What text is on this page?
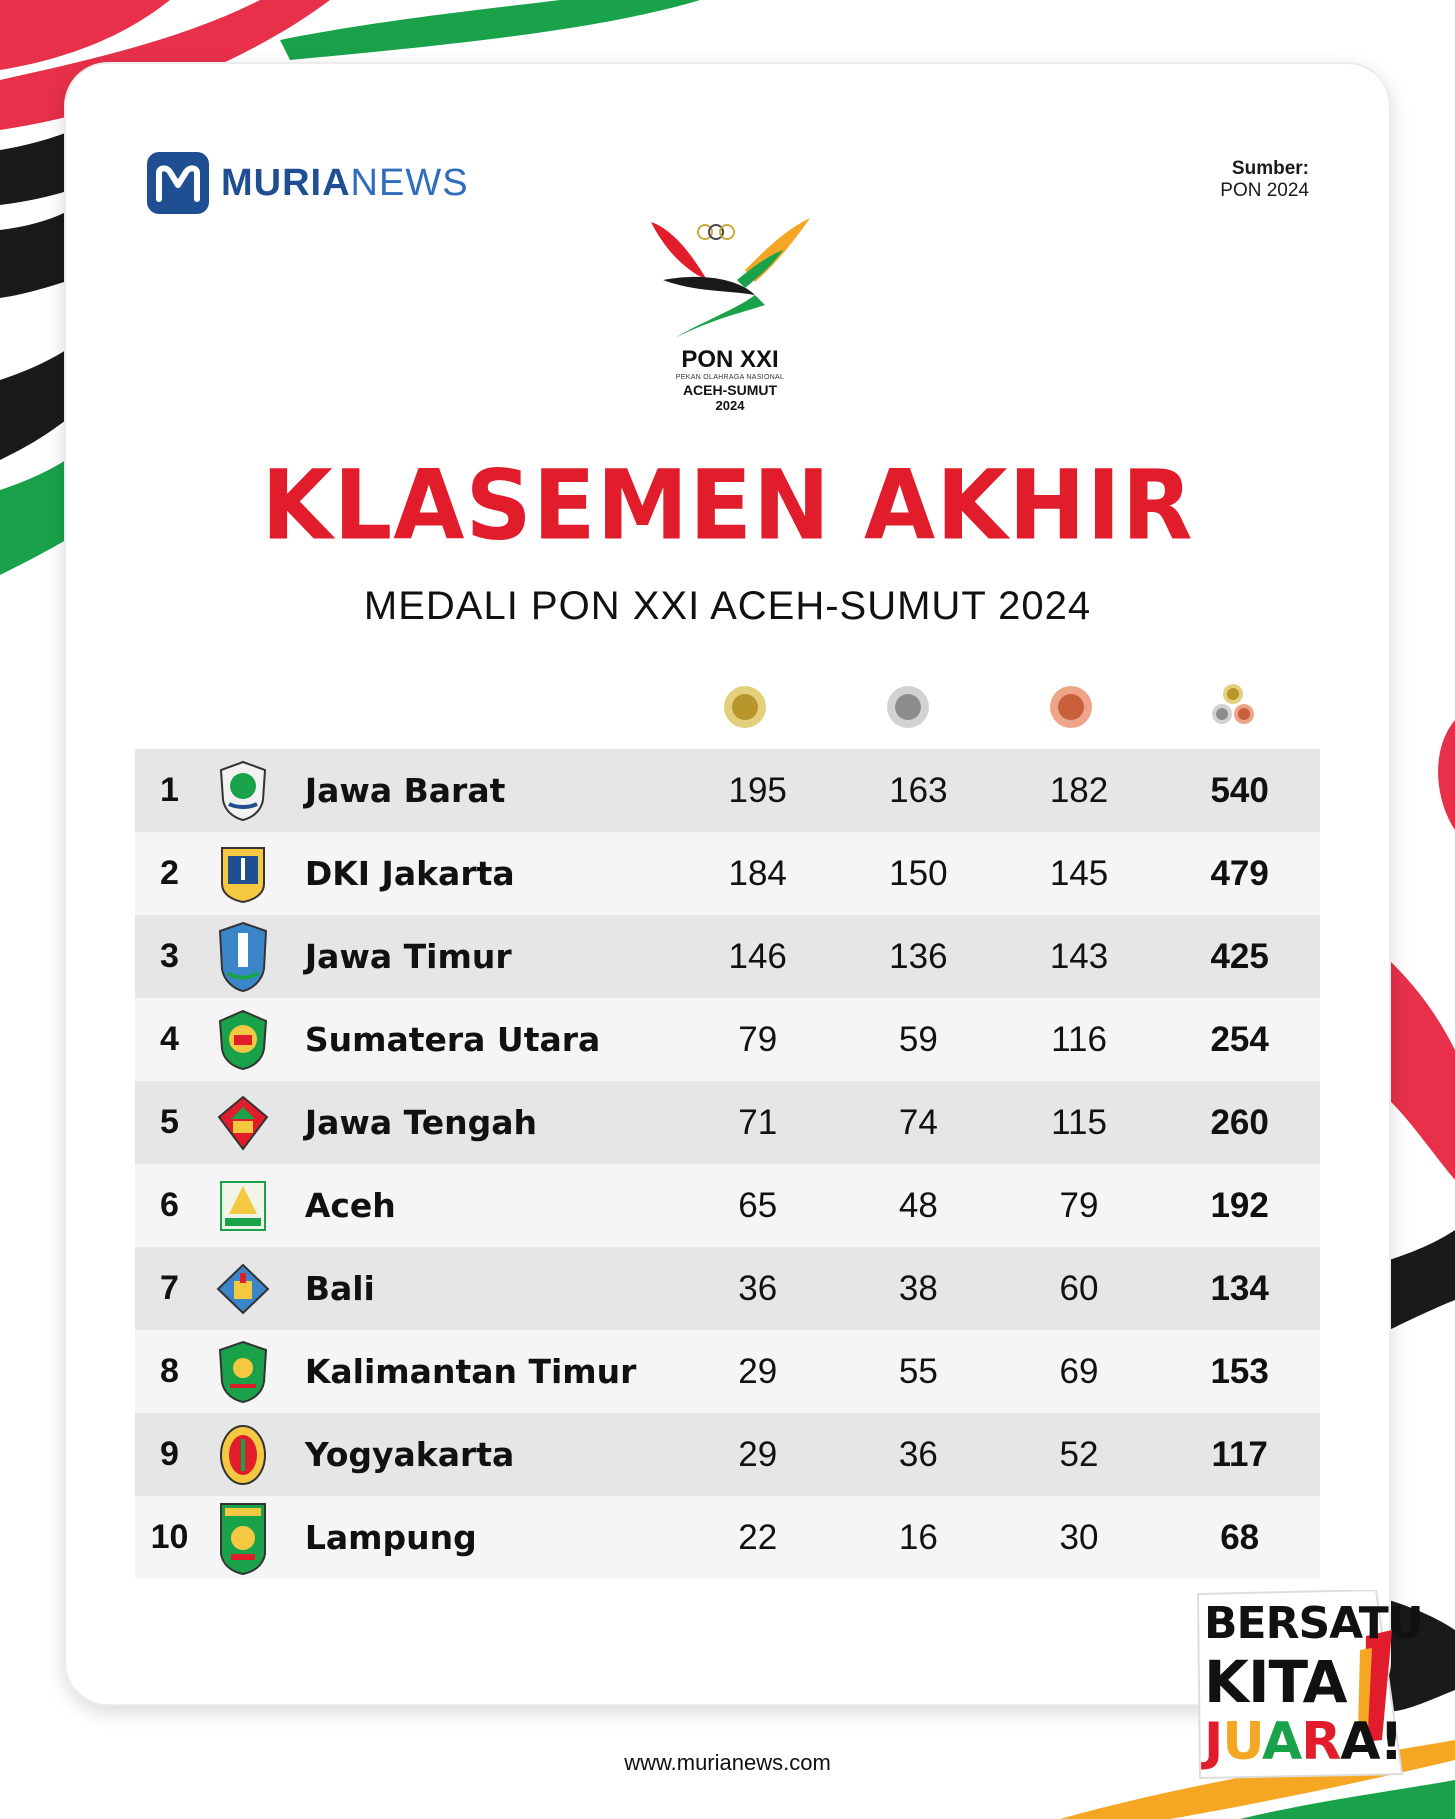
MURIANEWS	Sumber:
PON 2024
PON XXI
PEKAN OLAHRAGA NASIONAL
ACEH-SUMUT
2024
KLASEMEN AKHIR
MEDALI PON XXI ACEH-SUMUT 2024
1	Jawa Barat	195	163	182	540
2	DKI Jakarta	184	150	145	479
3	Jawa Timur	146	136	143	425
4	Sumatera Utara	79	59	116	254
5	Jawa Tengah	71	74	115	260
6	Aceh	65	48	79	192
7	Bali	36	38	60	134
8	Kalimantan Timur	29	55	69	153
9	Yogyakarta	29	36	52	117
10	Lampung	22	16	30	68
BERSATU
KITA
JUARA!
www.murianews.com
